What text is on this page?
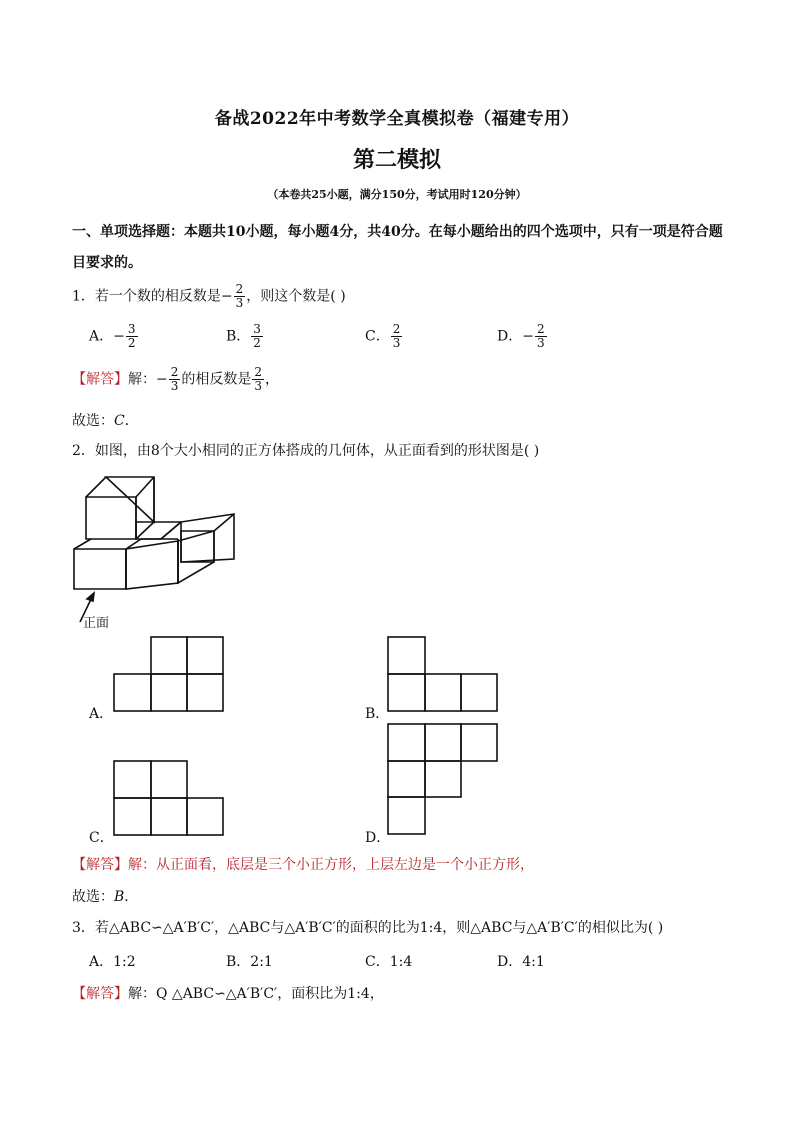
备战2022年中考数学全真模拟卷（福建专用）
第二模拟
（本卷共25小题，满分150分，考试用时120分钟）
一、单项选择题：本题共10小题，每小题4分，共40分。在每小题给出的四个选项中，只有一项是符合题目要求的。
1．若一个数的相反数是− $\frac{2}{3}$ ，则这个数是( )
A．− $\frac{3}{2}$	B． $\frac{3}{2}$	C． $\frac{2}{3}$	D．− $\frac{2}{3}$
【解答】解：− $\frac{2}{3}$ 的相反数是 $\frac{2}{3}$ ，
故选：C．
2．如图，由8个大小相同的正方体搭成的几何体，从正面看到的形状图是( )
正面
A．	B．
C．	D．
【解答】解：从正面看，底层是三个小正方形，上层左边是一个小正方形，
故选：B．
3．若△ABC∽△A′B′C′，△ABC与△A′B′C′的面积的比为1:4，则△ABC与△A′B′C′的相似比为( )
A．1:2	B．2:1	C．1:4	D．4:1
【解答】解：Q △ABC∽△A′B′C′，面积比为1:4，
